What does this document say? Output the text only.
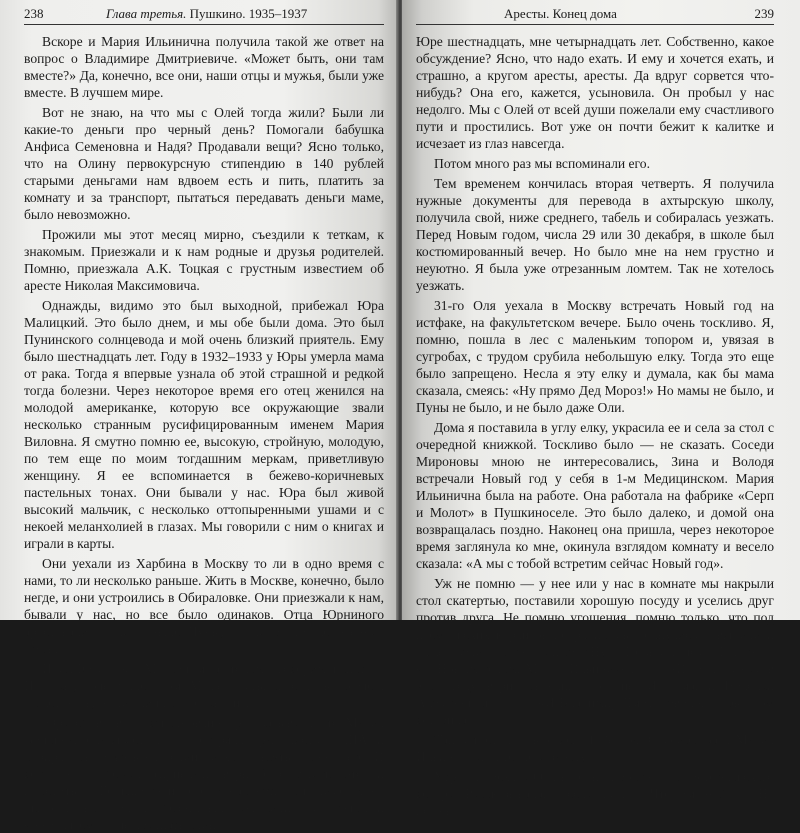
238	Глава третья. Пушкино. 1935–1937

Вскоре и Мария Ильинична получила такой же ответ на вопрос о Владимире Дмитриевиче. «Может быть, они там вместе?» Да, конечно, все они, наши отцы и мужья, были уже вместе. В лучшем мире.

Вот не знаю, на что мы с Олей тогда жили? Были ли какие-то деньги про черный день? Помогали бабушка Анфиса Семеновна и Надя? Продавали вещи? Ясно только, что на Олину первокурсную стипендию в 140 рублей старыми деньгами нам вдвоем есть и пить, платить за комнату и за транспорт, пытаться передавать деньги маме, было невозможно.

Прожили мы этот месяц мирно, съездили к теткам, к знакомым. Приезжали и к нам родные и друзья родителей. Помню, приезжала А.К. Тоцкая с грустным известием об аресте Николая Максимовича.

Однажды, видимо это был выходной, прибежал Юра Малицкий. Это было днем, и мы обе были дома. Это был Пунинского солнцевода и мой очень близкий приятель. Ему было шестнадцать лет. Году в 1932–1933 у Юры умерла мама от рака. Тогда я впервые узнала об этой страшной и редкой тогда болезни. Через некоторое время его отец женился на молодой американке, которую все окружающие звали несколько странным русифицированным именем Мария Виловна. Я смутно помню ее, высокую, стройную, молодую, по тем еще по моим тогдашним меркам, приветливую женщину. Я ее вспоминается в бежево-коричневых пастельных тонах. Они бывали у нас. Юра был живой высокий мальчик, с несколько оттопыренными ушами и с некоей меланхолией в глазах. Мы говорили с ним о книгах и играли в карты.

Они уехали из Харбина в Москву то ли в одно время с нами, то ли несколько раньше. Жить в Москве, конечно, было негде, и они устроились в Обираловке. Они приезжали к нам, бывали у нас, но все было одинаков. Отца Юрниного арестовали то ли раньше Пуны, то ли в эти же осенние месяцы.

И вот Юра у нас. Мы сидим за столом и говорим шепотом. Не знаю, почему шепотом. Может быть, опасались соседей, может быть, были слишком подавлены.

Юра сбивчиво и взволнованно рассказывает, что Мария Виловна, оказывается, не потеряла гражданства США и собирается уезжать на родину и хочет взять с собой его. И вот он прибежал (приехал, вернее) обсудить это и проститься. Больше-то никого у нас нет, по-видимому, не было. И вот сидим «безотцовщина», сидим за столом и «обсуждаем». Оле двадцать один

Аресты. Конец дома	239

Юре шестнадцать, мне четырнадцать лет. Собственно, какое обсуждение? Ясно, что надо ехать. И ему и хочется ехать, и страшно, а кругом аресты, аресты. Да вдруг сорвется что-нибудь? Она его, кажется, усыновила. Он пробыл у нас недолго. Мы с Олей от всей души пожелали ему счастливого пути и простились. Вот уже он почти бежит к калитке и исчезает из глаз навсегда.

Потом много раз мы вспоминали его.

Тем временем кончилась вторая четверть. Я получила нужные документы для перевода в ахтырскую школу, получила свой, ниже среднего, табель и собиралась уезжать. Перед Новым годом, числа 29 или 30 декабря, в школе был костюмированный вечер. Но было мне на нем грустно и неуютно. Я была уже отрезанным ломтем. Так не хотелось уезжать.

31-го Оля уехала в Москву встречать Новый год на истфаке, на факультетском вечере. Было очень тоскливо. Я, помню, пошла в лес с маленьким топором и, увязая в сугробах, с трудом срубила небольшую елку. Тогда это еще было запрещено. Несла я эту елку и думала, как бы мама сказала, смеясь: «Ну прямо Дед Мороз!» Но мамы не было, и Пуны не было, и не было даже Оли.

Дома я поставила в углу елку, украсила ее и села за стол с очередной книжкой. Тоскливо было — не сказать. Соседи Мироновы мною не интересовались, Зина и Володя встречали Новый год у себя в 1-м Медицинском. Мария Ильинична была на работе. Она работала на фабрике «Серп и Молот» в Пушкиноселе. Это было далеко, и домой она возвращалась поздно. Наконец она пришла, через некоторое время заглянула ко мне, окинула взглядом комнату и весело сказала: «А мы с тобой встретим сейчас Новый год».

Уж не помню — у нее или у нас в комнате мы накрыли стол скатертью, поставили хорошую посуду и уселись друг против друга. Не помню угощения, помню только, что под кремлевских курантов по радио мы чокнулись и выпили и даже съели что-то сладкое. «Ну, с Новым годом, Лиля!» — «С Новым годом, Мария Ильинична!» — «И пусть к нам в этом году вернутся наши дорогие. И мама, и Николай Александрович». — «И Владимир Дмитриевич», — бы эхом вставила я.

Так встретили мы с нею 1938 год. Спасибо Вам, Мария Ильинична, за тепло и заботу.

Утром приехала Оля в полном восторге от истфаковского вечера. Рассказывала, рассказывала... Что именно? — Не помню.
